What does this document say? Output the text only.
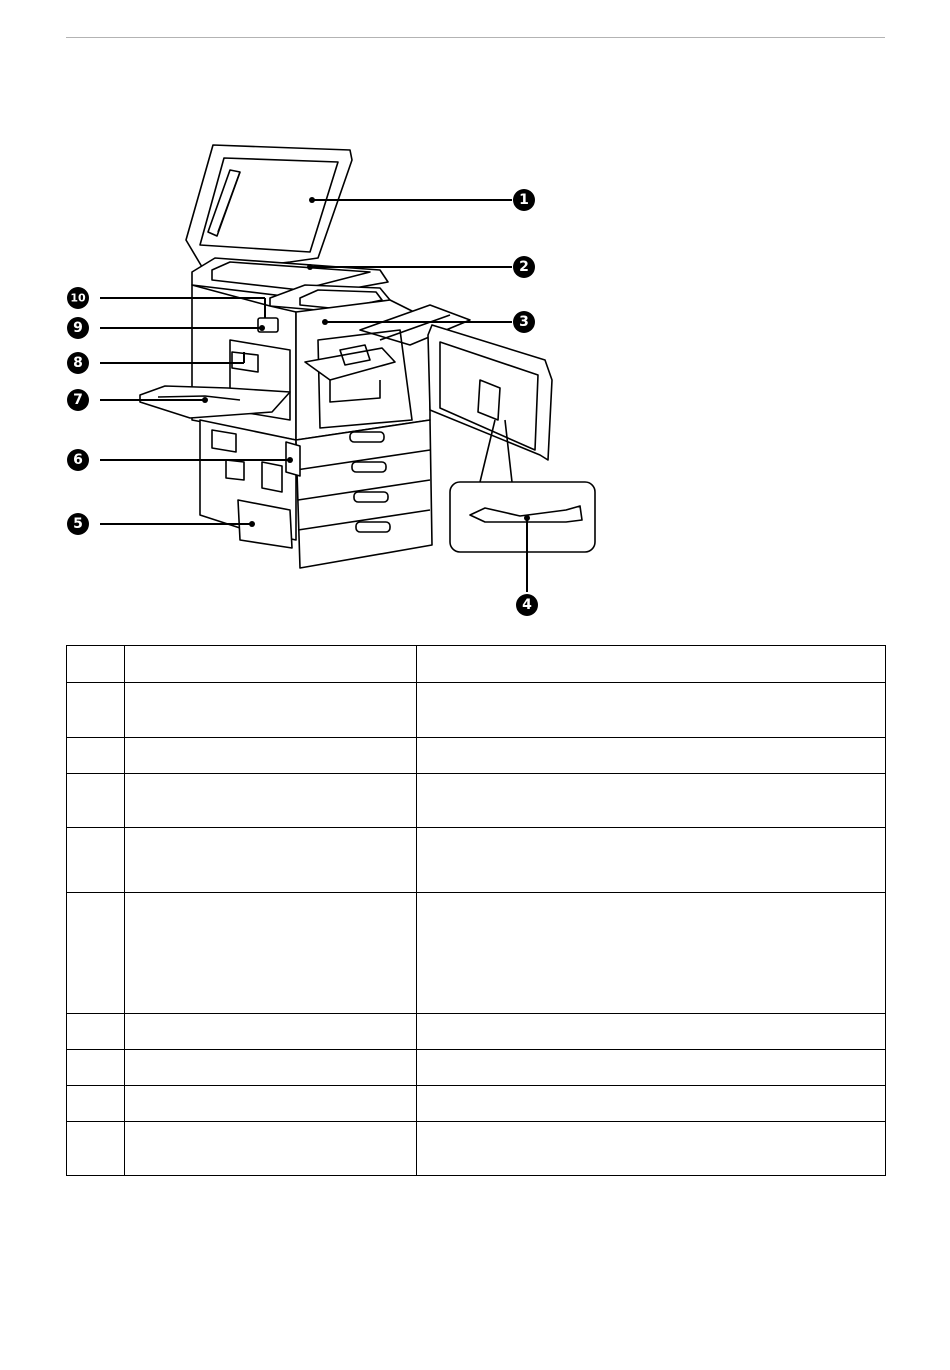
1
2
3
4
5
6
7
8
9
10
